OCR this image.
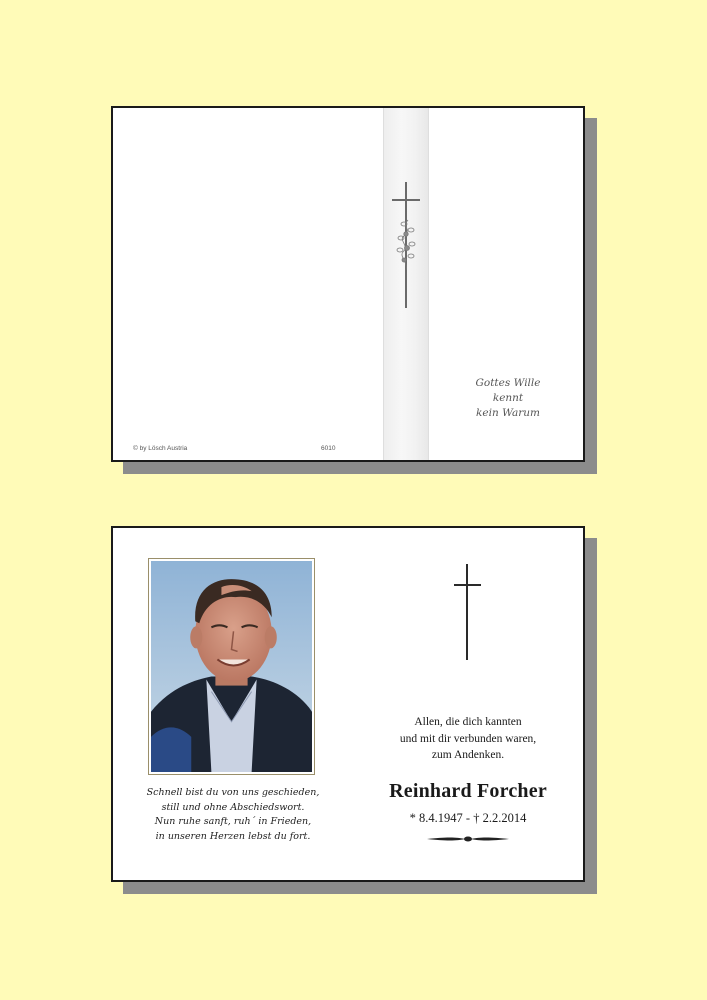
Gottes Wille
kennt
kein Warum
© by Lösch Austria	6010
Schnell bist du von uns geschieden,
still und ohne Abschiedswort.
Nun ruhe sanft, ruh´ in Frieden,
in unseren Herzen lebst du fort.
Allen, die dich kannten
und mit dir verbunden waren,
zum Andenken.
Reinhard Forcher
* 8.4.1947 - † 2.2.2014
